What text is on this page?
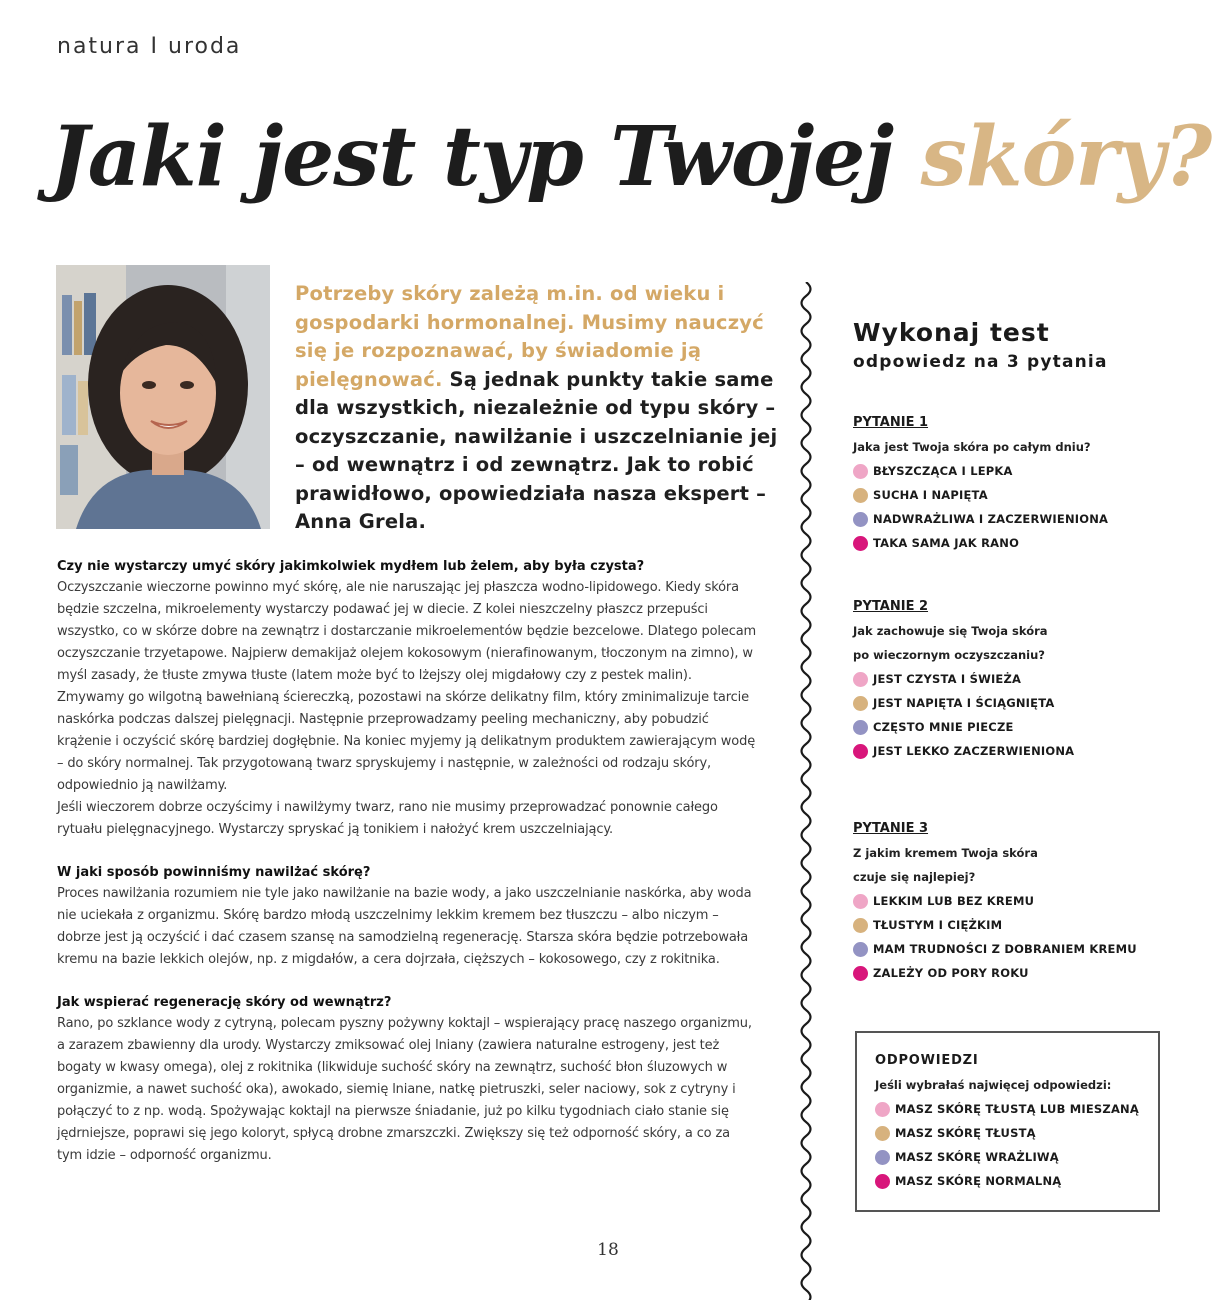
natura I uroda
Jaki jest typ Twojej skóry?
Potrzeby skóry zależą m.in. od wieku i gospodarki hormonalnej. Musimy nauczyć się je rozpoznawać, by świadomie ją pielęgnować. Są jednak punkty takie same dla wszystkich, niezależnie od typu skóry – oczyszczanie, nawilżanie i uszczelnianie jej – od wewnątrz i od zewnątrz. Jak to robić prawidłowo, opowiedziała nasza ekspert – Anna Grela.
Czy nie wystarczy umyć skóry jakimkolwiek mydłem lub żelem, aby była czysta?

Oczyszczanie wieczorne powinno myć skórę, ale nie naruszając jej płaszcza wodno-lipidowego. Kiedy skóra będzie szczelna, mikroelementy wystarczy podawać jej w diecie. Z kolei nieszczelny płaszcz przepuści wszystko, co w skórze dobre na zewnątrz i dostarczanie mikroelementów będzie bezcelowe. Dlatego polecam oczyszczanie trzyetapowe. Najpierw demakijaż olejem kokosowym (nierafinowanym, tłoczonym na zimno), w myśl zasady, że tłuste zmywa tłuste (latem może być to lżejszy olej migdałowy czy z pestek malin). Zmywamy go wilgotną bawełnianą ściereczką, pozostawi na skórze delikatny film, który zminimalizuje tarcie naskórka podczas dalszej pielęgnacji. Następnie przeprowadzamy peeling mechaniczny, aby pobudzić krążenie i oczyścić skórę bardziej dogłębnie. Na koniec myjemy ją delikatnym produktem zawierającym wodę – do skóry normalnej. Tak przygotowaną twarz spryskujemy i następnie, w zależności od rodzaju skóry, odpowiednio ją nawilżamy.

Jeśli wieczorem dobrze oczyścimy i nawilżymy twarz, rano nie musimy przeprowadzać ponownie całego rytuału pielęgnacyjnego. Wystarczy spryskać ją tonikiem i nałożyć krem uszczelniający.

W jaki sposób powinniśmy nawilżać skórę?

Proces nawilżania rozumiem nie tyle jako nawilżanie na bazie wody, a jako uszczelnianie naskórka, aby woda nie uciekała z organizmu. Skórę bardzo młodą uszczelnimy lekkim kremem bez tłuszczu – albo niczym – dobrze jest ją oczyścić i dać czasem szansę na samodzielną regenerację. Starsza skóra będzie potrzebowała kremu na bazie lekkich olejów, np. z migdałów, a cera dojrzała, cięższych – kokosowego, czy z rokitnika.

Jak wspierać regenerację skóry od wewnątrz?

Rano, po szklance wody z cytryną, polecam pyszny pożywny koktajl – wspierający pracę naszego organizmu, a zarazem zbawienny dla urody. Wystarczy zmiksować olej lniany (zawiera naturalne estrogeny, jest też bogaty w kwasy omega), olej z rokitnika (likwiduje suchość skóry na zewnątrz, suchość błon śluzowych w organizmie, a nawet suchość oka), awokado, siemię lniane, natkę pietruszki, seler naciowy, sok z cytryny i połączyć to z np. wodą. Spożywając koktajl na pierwsze śniadanie, już po kilku tygodniach ciało stanie się jędrniejsze, poprawi się jego koloryt, spłycą drobne zmarszczki. Zwiększy się też odporność skóry, a co za tym idzie – odporność organizmu.

18
Wykonaj test
odpowiedz na 3 pytania
PYTANIE 1
Jaka jest Twoja skóra po całym dniu?
BŁYSZCZĄCA I LEPKA
SUCHA I NAPIĘTA
NADWRAŻLIWA I ZACZERWIENIONA
TAKA SAMA JAK RANO
PYTANIE 2
Jak zachowuje się Twoja skóra
po wieczornym oczyszczaniu?
JEST CZYSTA I ŚWIEŻA
JEST NAPIĘTA I ŚCIĄGNIĘTA
CZĘSTO MNIE PIECZE
JEST LEKKO ZACZERWIENIONA
PYTANIE 3
Z jakim kremem Twoja skóra
czuje się najlepiej?
LEKKIM LUB BEZ KREMU
TŁUSTYM I CIĘŻKIM
MAM TRUDNOŚCI Z DOBRANIEM KREMU
ZALEŻY OD PORY ROKU
ODPOWIEDZI
Jeśli wybrałaś najwięcej odpowiedzi:
MASZ SKÓRĘ TŁUSTĄ LUB MIESZANĄ
MASZ SKÓRĘ TŁUSTĄ
MASZ SKÓRĘ WRAŻLIWĄ
MASZ SKÓRĘ NORMALNĄ
